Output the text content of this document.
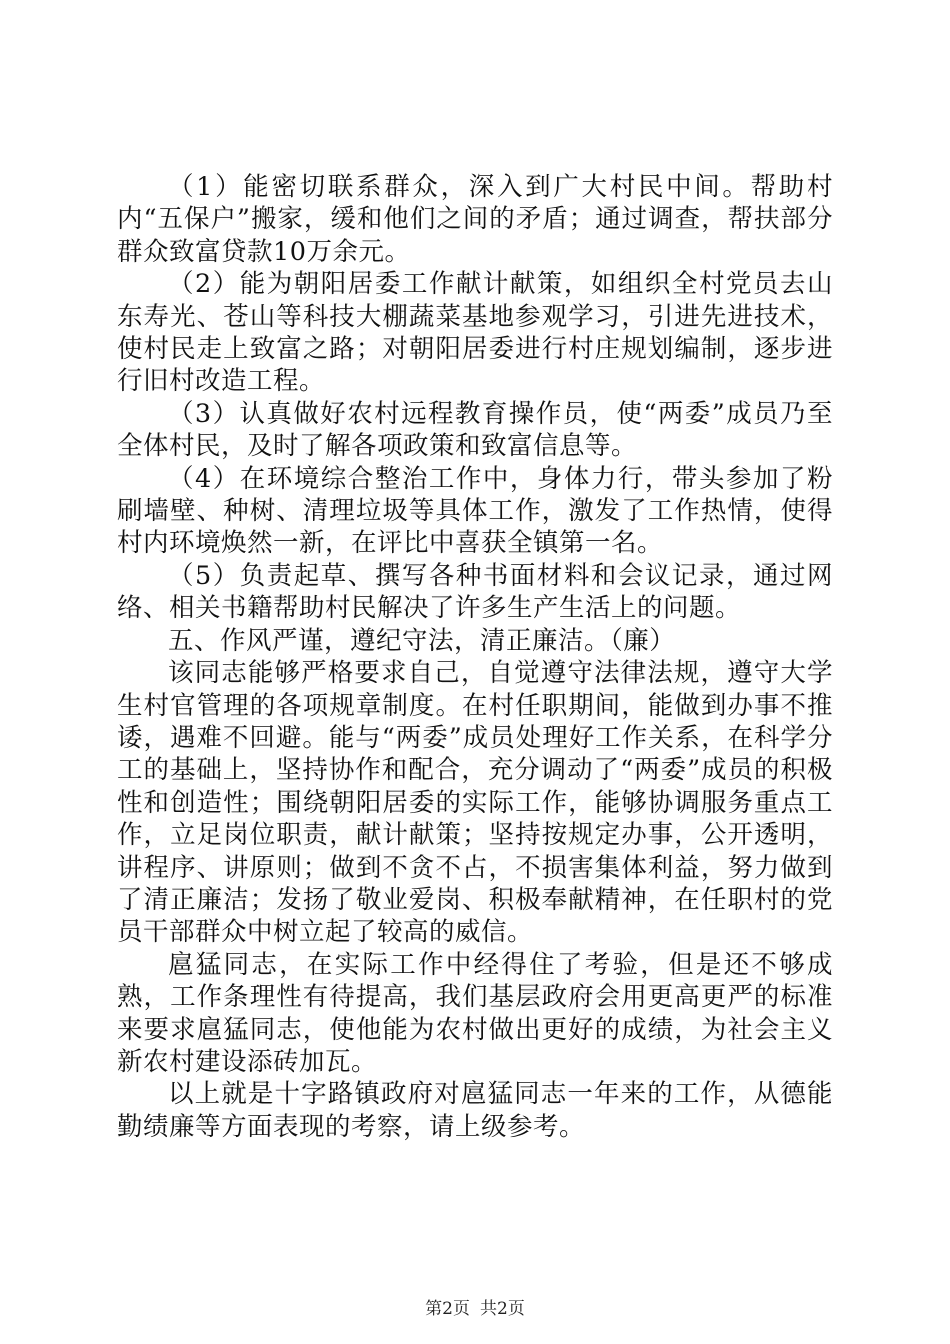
（1）能密切联系群众，深入到广大村民中间。帮助村内“五保户”搬家，缓和他们之间的矛盾；通过调查，帮扶部分群众致富贷款10万余元。

（2）能为朝阳居委工作献计献策，如组织全村党员去山东寿光、苍山等科技大棚蔬菜基地参观学习，引进先进技术，使村民走上致富之路；对朝阳居委进行村庄规划编制，逐步进行旧村改造工程。

（3）认真做好农村远程教育操作员，使“两委”成员乃至全体村民，及时了解各项政策和致富信息等。

（4）在环境综合整治工作中，身体力行，带头参加了粉刷墙壁、种树、清理垃圾等具体工作，激发了工作热情，使得村内环境焕然一新，在评比中喜获全镇第一名。

（5）负责起草、撰写各种书面材料和会议记录，通过网络、相关书籍帮助村民解决了许多生产生活上的问题。

五、作风严谨，遵纪守法，清正廉洁。（廉）

该同志能够严格要求自己，自觉遵守法律法规，遵守大学生村官管理的各项规章制度。在村任职期间，能做到办事不推诿，遇难不回避。能与“两委”成员处理好工作关系，在科学分工的基础上，坚持协作和配合，充分调动了“两委”成员的积极性和创造性；围绕朝阳居委的实际工作，能够协调服务重点工作，立足岗位职责，献计献策；坚持按规定办事，公开透明，讲程序、讲原则；做到不贪不占，不损害集体利益，努力做到了清正廉洁；发扬了敬业爱岗、积极奉献精神，在任职村的党员干部群众中树立起了较高的威信。

扈猛同志，在实际工作中经得住了考验，但是还不够成熟，工作条理性有待提高，我们基层政府会用更高更严的标准来要求扈猛同志，使他能为农村做出更好的成绩，为社会主义新农村建设添砖加瓦。

以上就是十字路镇政府对扈猛同志一年来的工作，从德能勤绩廉等方面表现的考察，请上级参考。

第2页 共2页
